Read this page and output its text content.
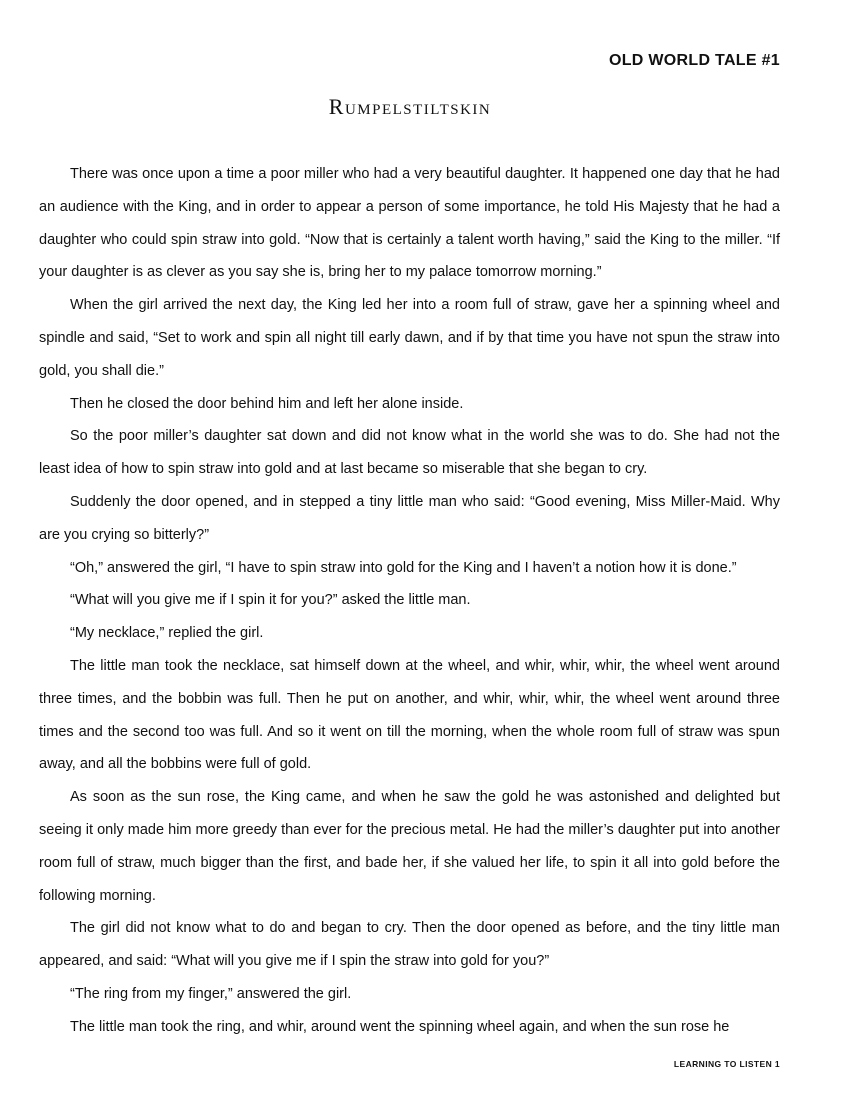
OLD WORLD TALE #1
Rumpelstiltskin

There was once upon a time a poor miller who had a very beautiful daughter. It happened one day that he had an audience with the King, and in order to appear a person of some importance, he told His Majesty that he had a daughter who could spin straw into gold. “Now that is certainly a talent worth having,” said the King to the miller. “If your daughter is as clever as you say she is, bring her to my palace tomorrow morning.”

When the girl arrived the next day, the King led her into a room full of straw, gave her a spinning wheel and spindle and said, “Set to work and spin all night till early dawn, and if by that time you have not spun the straw into gold, you shall die.”

Then he closed the door behind him and left her alone inside.

So the poor miller’s daughter sat down and did not know what in the world she was to do. She had not the least idea of how to spin straw into gold and at last became so miserable that she began to cry.

Suddenly the door opened, and in stepped a tiny little man who said: “Good evening, Miss Miller-Maid. Why are you crying so bitterly?”

“Oh,” answered the girl, “I have to spin straw into gold for the King and I haven’t a notion how it is done.”

“What will you give me if I spin it for you?” asked the little man.

“My necklace,” replied the girl.

The little man took the necklace, sat himself down at the wheel, and whir, whir, whir, the wheel went around three times, and the bobbin was full. Then he put on another, and whir, whir, whir, the wheel went around three times and the second too was full. And so it went on till the morning, when the whole room full of straw was spun away, and all the bobbins were full of gold.

As soon as the sun rose, the King came, and when he saw the gold he was astonished and delighted but seeing it only made him more greedy than ever for the precious metal. He had the miller’s daughter put into another room full of straw, much bigger than the first, and bade her, if she valued her life, to spin it all into gold before the following morning.

The girl did not know what to do and began to cry. Then the door opened as before, and the tiny little man appeared, and said: “What will you give me if I spin the straw into gold for you?”

“The ring from my finger,” answered the girl.

The little man took the ring, and whir, around went the spinning wheel again, and when the sun rose he

LEARNING TO LISTEN 1
